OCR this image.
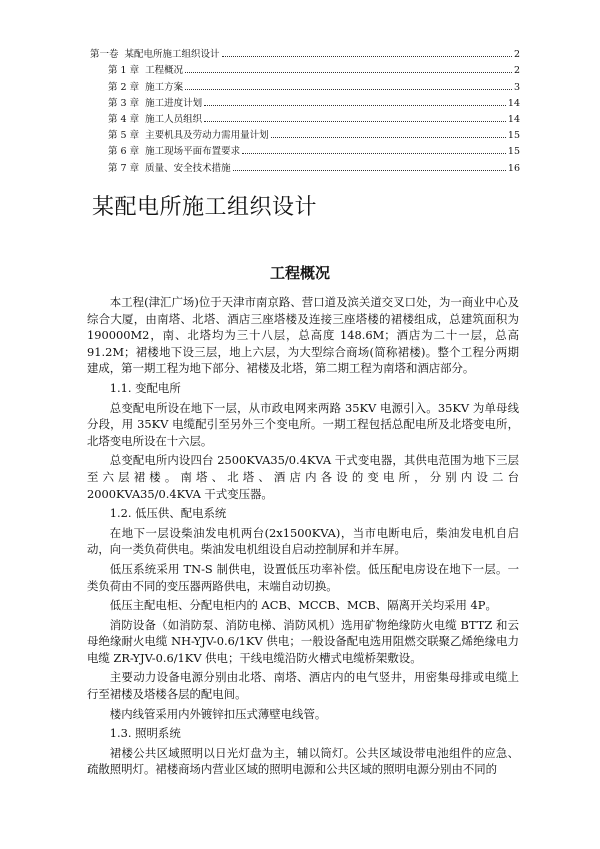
第一卷 某配电所施工组织设计	2
第 1 章 工程概况	2
第 2 章 施工方案	3
第 3 章 施工进度计划	14
第 4 章 施工人员组织	14
第 5 章 主要机具及劳动力需用量计划	15
第 6 章 施工现场平面布置要求	15
第 7 章 质量、安全技术措施	16
某配电所施工组织设计
工程概况

本工程(津汇广场)位于天津市南京路、营口道及滨关道交叉口处，为一商业中心及综合大厦，由南塔、北塔、酒店三座塔楼及连接三座塔楼的裙楼组成，总建筑面积为 190000M2，南、北塔均为三十八层，总高度 148.6M；酒店为二十一层，总高 91.2M；裙楼地下设三层，地上六层，为大型综合商场(简称裙楼)。整个工程分两期建成，第一期工程为地下部分、裙楼及北塔，第二期工程为南塔和酒店部分。

1.1. 变配电所

总变配电所设在地下一层，从市政电网来两路 35KV 电源引入。35KV 为单母线分段，用 35KV 电缆配引至另外三个变电所。一期工程包括总配电所及北塔变电所，北塔变电所设在十六层。

总变配电所内设四台 2500KVA35/0.4KVA 干式变电器，其供电范围为地下三层至六层裙楼。南塔、北塔、酒店内各设的变电所，分别内设二台 2000KVA35/0.4KVA 干式变压器。

1.2. 低压供、配电系统

在地下一层设柴油发电机两台(2x1500KVA)，当市电断电后，柴油发电机自启动，向一类负荷供电。柴油发电机组设自启动控制屏和并车屏。

低压系统采用 TN-S 制供电，设置低压功率补偿。低压配电房设在地下一层。一类负荷由不同的变压器两路供电，末端自动切换。

低压主配电柜、分配电柜内的 ACB、MCCB、MCB、隔离开关均采用 4P。

消防设备（如消防泵、消防电梯、消防风机）选用矿物绝缘防火电缆 BTTZ 和云母绝缘耐火电缆 NH-YJV-0.6/1KV 供电；一般设备配电选用阻燃交联聚乙烯绝缘电力电缆 ZR-YJV-0.6/1KV 供电；干线电缆沿防火槽式电缆桥架敷设。

主要动力设备电源分别由北塔、南塔、酒店内的电气竖井，用密集母排或电缆上行至裙楼及塔楼各层的配电间。

楼内线管采用内外镀锌扣压式薄壁电线管。

1.3. 照明系统

裙楼公共区域照明以日光灯盘为主，辅以筒灯。公共区域设带电池组件的应急、疏散照明灯。裙楼商场内营业区域的照明电源和公共区域的照明电源分别由不同的
